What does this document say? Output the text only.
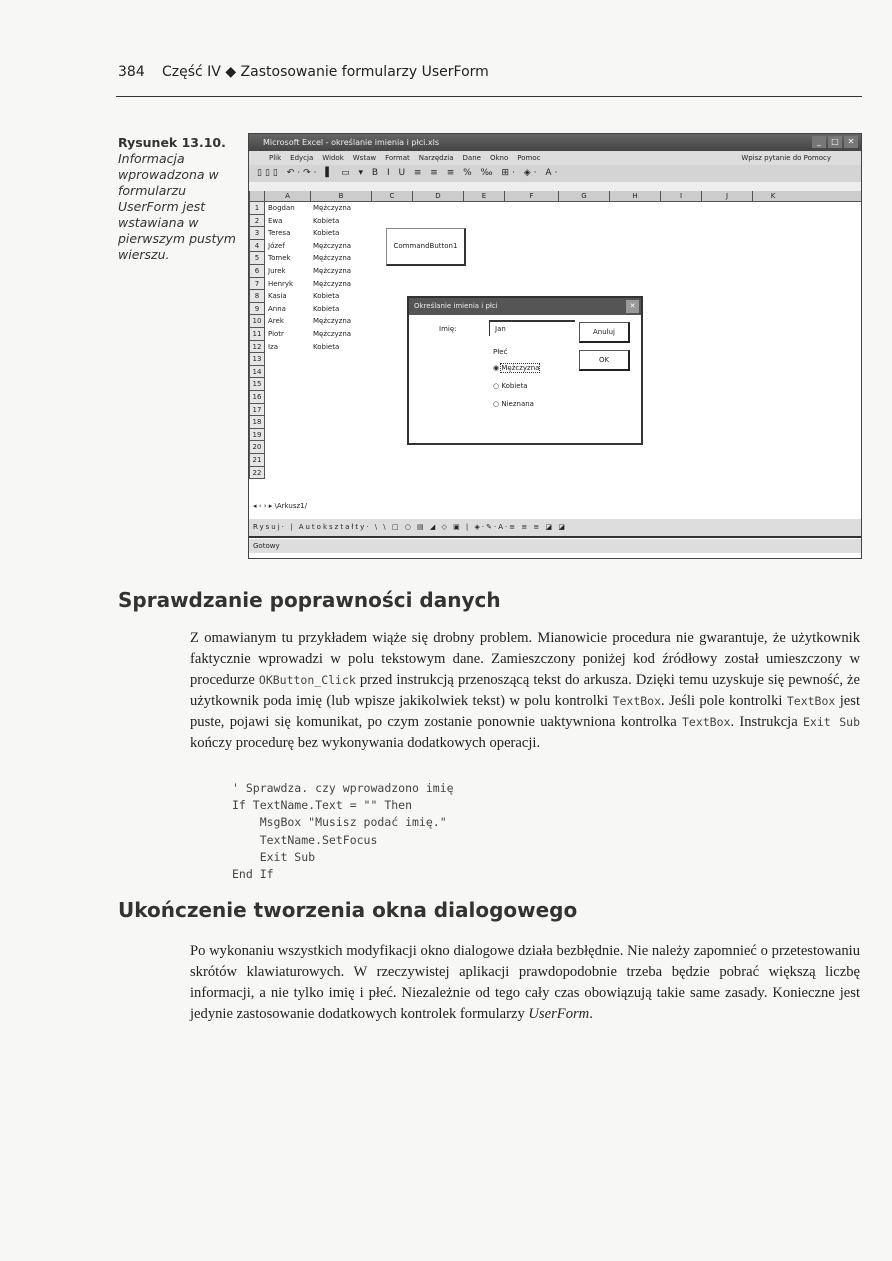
384 Część IV ◆ Zastosowanie formularzy UserForm
Rysunek 13.10.
Informacja wprowadzona w formularzu UserForm jest wstawiana w pierwszym pustym wierszu.
Microsoft Excel - określanie imienia i płci.xls	_	□	✕
Plik Edycja Widok Wstaw Format Narzędzia Dane Okno Pomoc	Wpisz pytanie do Pomocy
▯▯▯ ↶·↷· ▌ ▭ ▾ B I U ≡ ≡ ≡ % ‰ ⊞· ◈· A·
A	B	C	D	E	F	G	H	I	J	K
1	Bogdan	Mężczyzna
2	Ewa	Kobieta
3	Teresa	Kobieta
4	Józef	Mężczyzna
5	Tomek	Mężczyzna
6	Jurek	Mężczyzna
7	Henryk	Mężczyzna
8	Kasia	Kobieta
9	Anna	Kobieta
10 Arek	Mężczyzna
11 Piotr	Mężczyzna
12 Iza	Kobieta
13
14
15
16
17
18
19
20
21
22
CommandButton1
Określanie imienia i płci	✕
Imię:	Jan
Płeć
◉ Mężczyzna
○ Kobieta
○ Nieznana
Anuluj
OK
◂ ‹ › ▸ \Arkusz1/
Rysuj· | Autokształty· \ \ □ ○ ▤ ◢ ◇ ▣ | ◈·✎·A·≡ ≡ ≡ ◪ ◪
Gotowy
Sprawdzanie poprawności danych
Z omawianym tu przykładem wiąże się drobny problem. Mianowicie procedura nie gwarantuje, że użytkownik faktycznie wprowadzi w polu tekstowym dane. Zamieszczony poniżej kod źródłowy został umieszczony w procedurze OKButton_Click przed instrukcją przenoszącą tekst do arkusza. Dzięki temu uzyskuje się pewność, że użytkownik poda imię (lub wpisze jakikolwiek tekst) w polu kontrolki TextBox. Jeśli pole kontrolki TextBox jest puste, pojawi się komunikat, po czym zostanie ponownie uaktywniona kontrolka TextBox. Instrukcja Exit Sub kończy procedurę bez wykonywania dodatkowych operacji.
' Sprawdza. czy wprowadzono imię
If TextName.Text = "" Then
MsgBox "Musisz podać imię."
TextName.SetFocus
Exit Sub
End If
Ukończenie tworzenia okna dialogowego
Po wykonaniu wszystkich modyfikacji okno dialogowe działa bezbłędnie. Nie należy zapomnieć o przetestowaniu skrótów klawiaturowych. W rzeczywistej aplikacji prawdopodobnie trzeba będzie pobrać większą liczbę informacji, a nie tylko imię i płeć. Niezależnie od tego cały czas obowiązują takie same zasady. Konieczne jest jedynie zastosowanie dodatkowych kontrolek formularzy UserForm.
